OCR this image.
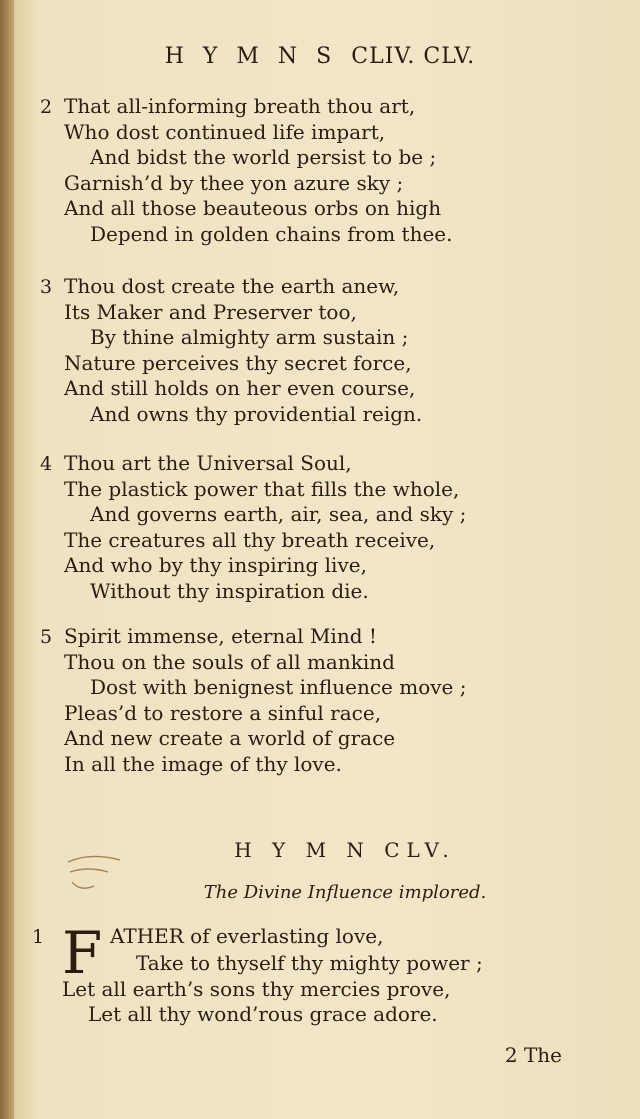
H Y M N S CLIV. CLV.
2 That all-informing breath thou art,
Who dost continued life impart,
And bidst the world persist to be ;
Garnish’d by thee yon azure sky ;
And all those beauteous orbs on high
Depend in golden chains from thee.
3 Thou dost create the earth anew,
Its Maker and Preserver too,
By thine almighty arm sustain ;
Nature perceives thy secret force,
And still holds on her even course,
And owns thy providential reign.
4 Thou art the Universal Soul,
The plastick power that fills the whole,
And governs earth, air, sea, and sky ;
The creatures all thy breath receive,
And who by thy inspiring live,
Without thy inspiration die.
5 Spirit immense, eternal Mind !
Thou on the souls of all mankind
Dost with benignest influence move ;
Pleas’d to restore a sinful race,
And new create a world of grace
In all the image of thy love.
H Y M N CLV.
The Divine Influence implored.
1 F ATHER of everlasting love,
Take to thyself thy mighty power ;
Let all earth’s sons thy mercies prove,
Let all thy wond’rous grace adore.
2 The
